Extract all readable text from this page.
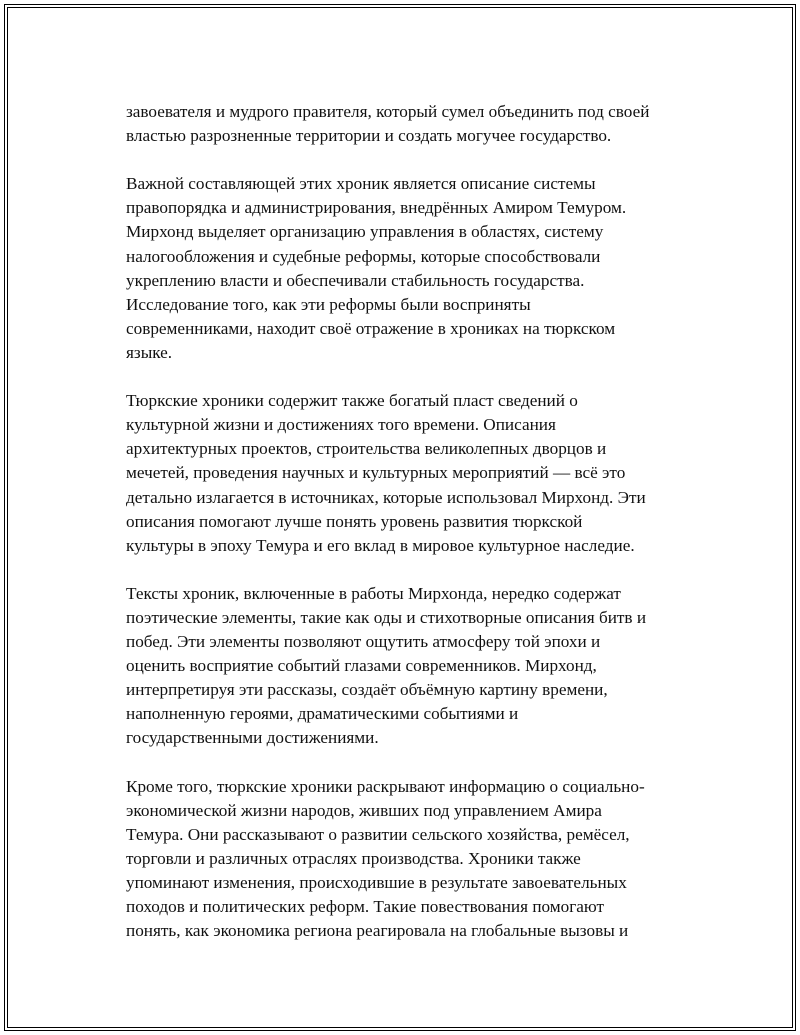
завоевателя и мудрого правителя, который сумел объединить под своей
властью разрозненные территории и создать могучее государство.

Важной составляющей этих хроник является описание системы
правопорядка и администрирования, внедрённых Амиром Темуром.
Мирхонд выделяет организацию управления в областях, систему
налогообложения и судебные реформы, которые способствовали
укреплению власти и обеспечивали стабильность государства.
Исследование того, как эти реформы были восприняты
современниками, находит своё отражение в хрониках на тюркском
языке.

Тюркские хроники содержит также богатый пласт сведений о
культурной жизни и достижениях того времени. Описания
архитектурных проектов, строительства великолепных дворцов и
мечетей, проведения научных и культурных мероприятий — всё это
детально излагается в источниках, которые использовал Мирхонд. Эти
описания помогают лучше понять уровень развития тюркской
культуры в эпоху Темура и его вклад в мировое культурное наследие.

Тексты хроник, включенные в работы Мирхонда, нередко содержат
поэтические элементы, такие как оды и стихотворные описания битв и
побед. Эти элементы позволяют ощутить атмосферу той эпохи и
оценить восприятие событий глазами современников. Мирхонд,
интерпретируя эти рассказы, создаёт объёмную картину времени,
наполненную героями, драматическими событиями и
государственными достижениями.

Кроме того, тюркские хроники раскрывают информацию о социально-
экономической жизни народов, живших под управлением Амира
Темура. Они рассказывают о развитии сельского хозяйства, ремёсел,
торговли и различных отраслях производства. Хроники также
упоминают изменения, происходившие в результате завоевательных
походов и политических реформ. Такие повествования помогают
понять, как экономика региона реагировала на глобальные вызовы и
